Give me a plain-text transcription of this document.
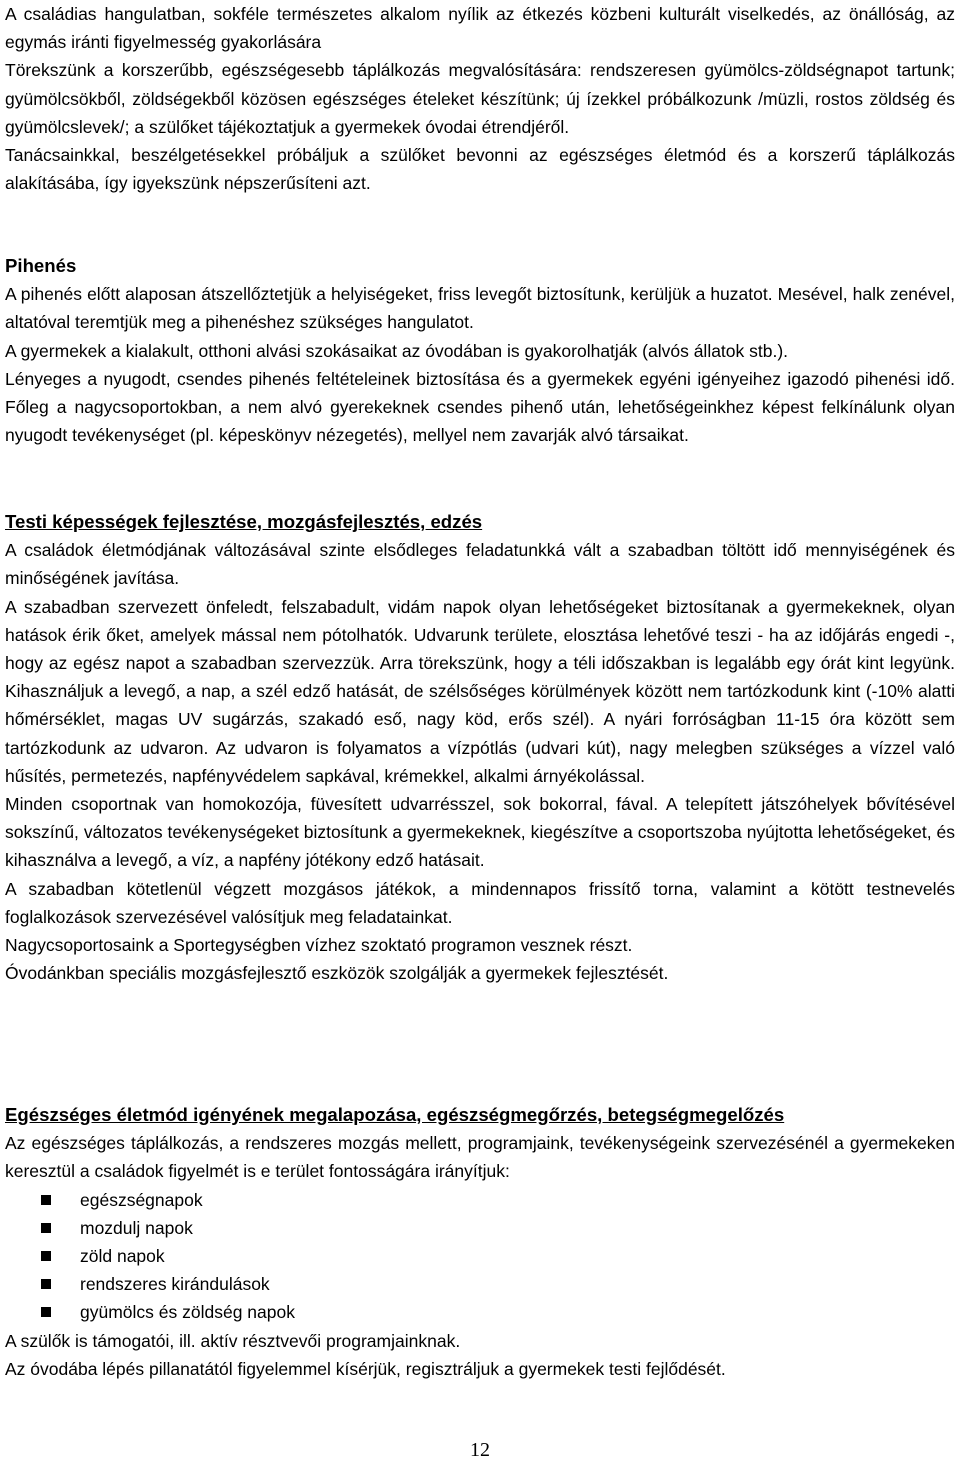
A családias hangulatban, sokféle természetes alkalom nyílik az étkezés közbeni kulturált viselkedés, az önállóság, az egymás iránti figyelmesség gyakorlására

Törekszünk a korszerűbb, egészségesebb táplálkozás megvalósítására: rendszeresen gyümölcs-zöldségnapot tartunk; gyümölcsökből, zöldségekből közösen egészséges ételeket készítünk; új ízekkel próbálkozunk /müzli, rostos zöldség és gyümölcslevek/; a szülőket tájékoztatjuk a gyermekek óvodai étrendjéről.

Tanácsainkkal, beszélgetésekkel próbáljuk a szülőket bevonni az egészséges életmód és a korszerű táplálkozás alakításába, így igyekszünk népszerűsíteni azt.

Pihenés

A pihenés előtt alaposan átszellőztetjük a helyiségeket, friss levegőt biztosítunk, kerüljük a huzatot. Mesével, halk zenével, altatóval teremtjük meg a pihenéshez szükséges hangulatot.

A gyermekek a kialakult, otthoni alvási szokásaikat az óvodában is gyakorolhatják (alvós állatok stb.).

Lényeges a nyugodt, csendes pihenés feltételeinek biztosítása és a gyermekek egyéni igényeihez igazodó pihenési idő. Főleg a nagycsoportokban, a nem alvó gyerekeknek csendes pihenő után, lehetőségeinkhez képest felkínálunk olyan nyugodt tevékenységet (pl. képeskönyv nézegetés), mellyel nem zavarják alvó társaikat.

Testi képességek fejlesztése, mozgásfejlesztés, edzés

A családok életmódjának változásával szinte elsődleges feladatunkká vált a szabadban töltött idő mennyiségének és minőségének javítása.

A szabadban szervezett önfeledt, felszabadult, vidám napok olyan lehetőségeket biztosítanak a gyermekeknek, olyan hatások érik őket, amelyek mással nem pótolhatók. Udvarunk területe, elosztása lehetővé teszi - ha az időjárás engedi -, hogy az egész napot a szabadban szervezzük. Arra törekszünk, hogy a téli időszakban is legalább egy órát kint legyünk. Kihasználjuk a levegő, a nap, a szél edző hatását, de szélsőséges körülmények között nem tartózkodunk kint (-10% alatti hőmérséklet, magas UV sugárzás, szakadó eső, nagy köd, erős szél). A nyári forróságban 11-15 óra között sem tartózkodunk az udvaron. Az udvaron is folyamatos a vízpótlás (udvari kút), nagy melegben szükséges a vízzel való hűsítés, permetezés, napfényvédelem sapkával, krémekkel, alkalmi árnyékolással.

Minden csoportnak van homokozója, füvesített udvarrésszel, sok bokorral, fával. A telepített játszóhelyek bővítésével sokszínű, változatos tevékenységeket biztosítunk a gyermekeknek, kiegészítve a csoportszoba nyújtotta lehetőségeket, és kihasználva a levegő, a víz, a napfény jótékony edző hatásait.

A szabadban kötetlenül végzett mozgásos játékok, a mindennapos frissítő torna, valamint a kötött testnevelés foglalkozások szervezésével valósítjuk meg feladatainkat.

Nagycsoportosaink a Sportegységben vízhez szoktató programon vesznek részt.

Óvodánkban speciális mozgásfejlesztő eszközök szolgálják a gyermekek fejlesztését.

Egészséges életmód igényének megalapozása, egészségmegőrzés, betegségmegelőzés

Az egészséges táplálkozás, a rendszeres mozgás mellett, programjaink, tevékenységeink szervezésénél a gyermekeken keresztül a családok figyelmét is e terület fontosságára irányítjuk:

egészségnapok
mozdulj napok
zöld napok
rendszeres kirándulások
gyümölcs és zöldség napok

A szülők is támogatói, ill. aktív résztvevői programjainknak.

Az óvodába lépés pillanatától figyelemmel kísérjük, regisztráljuk a gyermekek testi fejlődését.

12
